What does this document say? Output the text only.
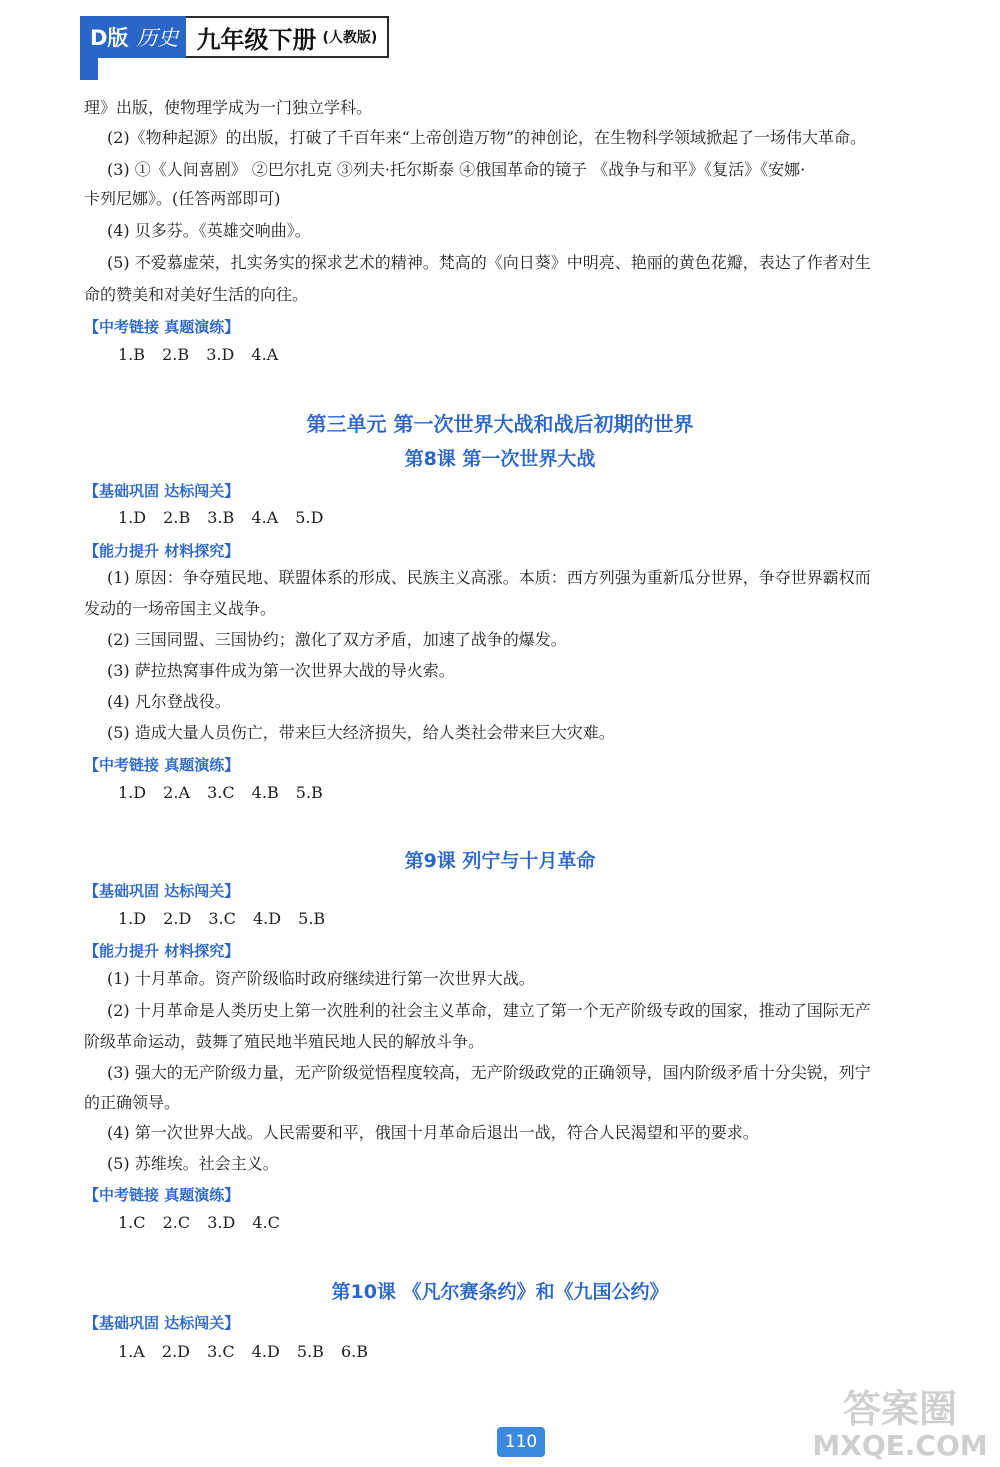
D版 历史 九年级下册 (人教版)
理》出版，使物理学成为一门独立学科。
(2)《物种起源》的出版，打破了千百年来“上帝创造万物”的神创论，在生物科学领域掀起了一场伟大革命。
(3) ①《人间喜剧》 ②巴尔扎克 ③列夫·托尔斯泰 ④俄国革命的镜子 《战争与和平》《复活》《安娜·
卡列尼娜》。(任答两部即可)
(4) 贝多芬。《英雄交响曲》。
(5) 不爱慕虚荣，扎实务实的探求艺术的精神。梵高的《向日葵》中明亮、艳丽的黄色花瓣，表达了作者对生
命的赞美和对美好生活的向往。
【中考链接 真题演练】
1.B 2.B 3.D 4.A
第三单元 第一次世界大战和战后初期的世界
第8课 第一次世界大战
【基础巩固 达标闯关】
1.D 2.B 3.B 4.A 5.D
【能力提升 材料探究】
(1) 原因：争夺殖民地、联盟体系的形成、民族主义高涨。本质：西方列强为重新瓜分世界，争夺世界霸权而
发动的一场帝国主义战争。
(2) 三国同盟、三国协约；激化了双方矛盾，加速了战争的爆发。
(3) 萨拉热窝事件成为第一次世界大战的导火索。
(4) 凡尔登战役。
(5) 造成大量人员伤亡，带来巨大经济损失，给人类社会带来巨大灾难。
【中考链接 真题演练】
1.D 2.A 3.C 4.B 5.B
第9课 列宁与十月革命
【基础巩固 达标闯关】
1.D 2.D 3.C 4.D 5.B
【能力提升 材料探究】
(1) 十月革命。资产阶级临时政府继续进行第一次世界大战。
(2) 十月革命是人类历史上第一次胜利的社会主义革命，建立了第一个无产阶级专政的国家，推动了国际无产
阶级革命运动，鼓舞了殖民地半殖民地人民的解放斗争。
(3) 强大的无产阶级力量，无产阶级觉悟程度较高，无产阶级政党的正确领导，国内阶级矛盾十分尖锐，列宁
的正确领导。
(4) 第一次世界大战。人民需要和平，俄国十月革命后退出一战，符合人民渴望和平的要求。
(5) 苏维埃。社会主义。
【中考链接 真题演练】
1.C 2.C 3.D 4.C
第10课 《凡尔赛条约》和《九国公约》
【基础巩固 达标闯关】
1.A 2.D 3.C 4.D 5.B 6.B
答案圈
MXQE.COM
110
